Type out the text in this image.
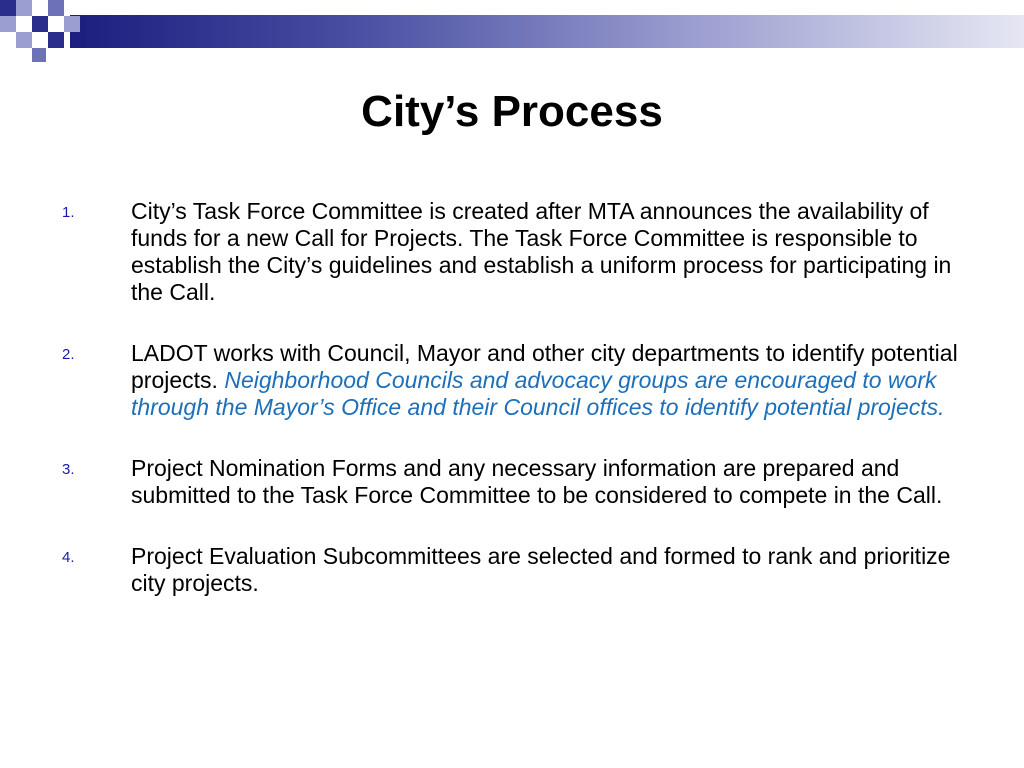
City’s Process
1. City’s Task Force Committee is created after MTA announces the availability of funds for a new Call for Projects. The Task Force Committee is responsible to establish the City’s guidelines and establish a uniform process for participating in the Call.
2. LADOT works with Council, Mayor and other city departments to identify potential projects. Neighborhood Councils and advocacy groups are encouraged to work through the Mayor’s Office and their Council offices to identify potential projects.
3. Project Nomination Forms and any necessary information are prepared and submitted to the Task Force Committee to be considered to compete in the Call.
4. Project Evaluation Subcommittees are selected and formed to rank and prioritize city projects.
